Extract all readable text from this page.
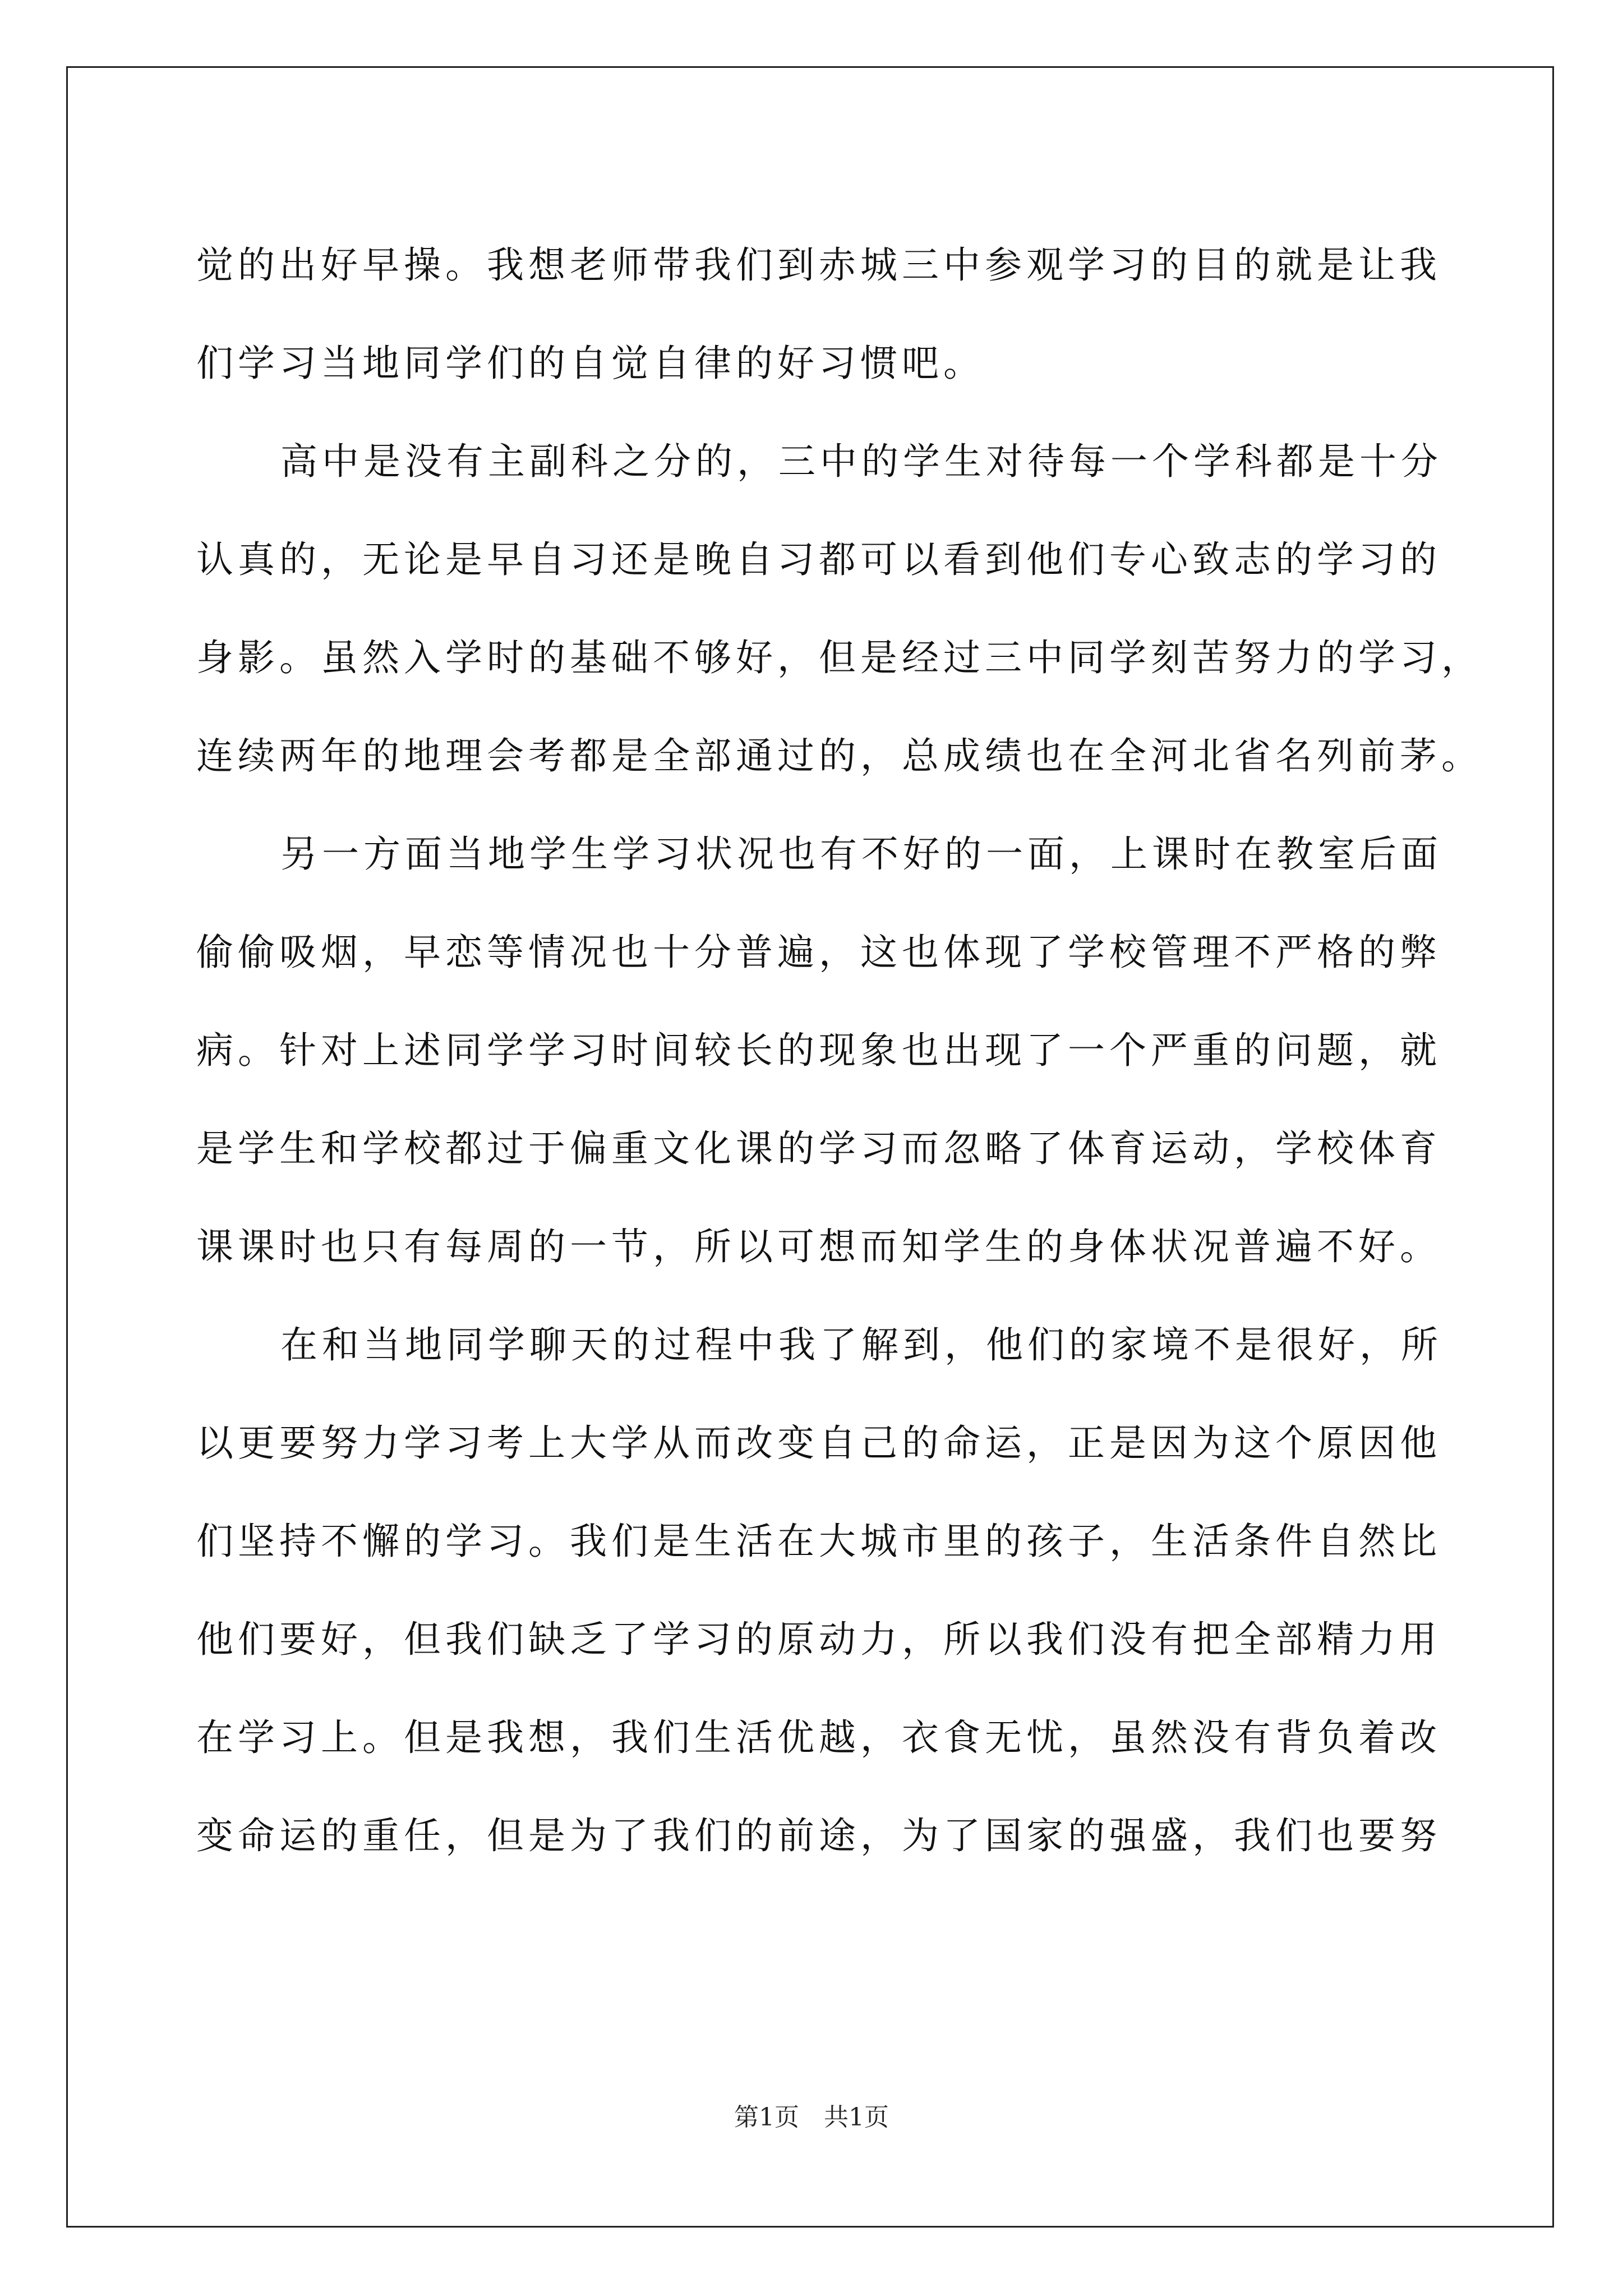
觉的出好早操。我想老师带我们到赤城三中参观学习的目的就是让我
们学习当地同学们的自觉自律的好习惯吧。
高中是没有主副科之分的，三中的学生对待每一个学科都是十分
认真的，无论是早自习还是晚自习都可以看到他们专心致志的学习的
身影。虽然入学时的基础不够好，但是经过三中同学刻苦努力的学习，
连续两年的地理会考都是全部通过的，总成绩也在全河北省名列前茅。
另一方面当地学生学习状况也有不好的一面，上课时在教室后面
偷偷吸烟，早恋等情况也十分普遍，这也体现了学校管理不严格的弊
病。针对上述同学学习时间较长的现象也出现了一个严重的问题，就
是学生和学校都过于偏重文化课的学习而忽略了体育运动，学校体育
课课时也只有每周的一节，所以可想而知学生的身体状况普遍不好。
在和当地同学聊天的过程中我了解到，他们的家境不是很好，所
以更要努力学习考上大学从而改变自己的命运，正是因为这个原因他
们坚持不懈的学习。我们是生活在大城市里的孩子，生活条件自然比
他们要好，但我们缺乏了学习的原动力，所以我们没有把全部精力用
在学习上。但是我想，我们生活优越，衣食无忧，虽然没有背负着改
变命运的重任，但是为了我们的前途，为了国家的强盛，我们也要努
第1页　共1页
